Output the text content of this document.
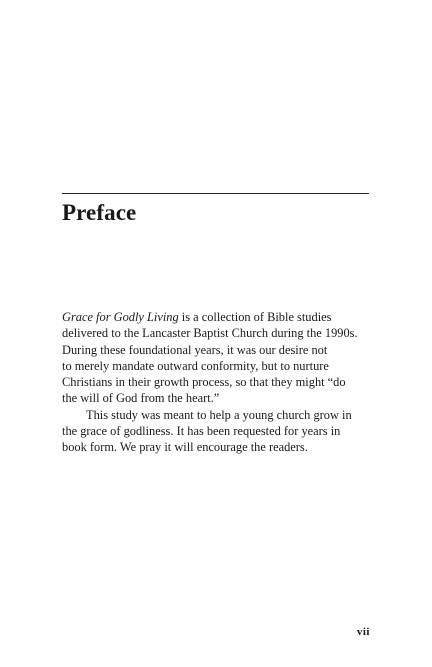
Preface

Grace for Godly Living is a collection of Bible studies
delivered to the Lancaster Baptist Church during the 1990s.
During these foundational years, it was our desire not
to merely mandate outward conformity, but to nurture
Christians in their growth process, so that they might “do
the will of God from the heart.”

This study was meant to help a young church grow in
the grace of godliness. It has been requested for years in
book form. We pray it will encourage the readers.

vii
